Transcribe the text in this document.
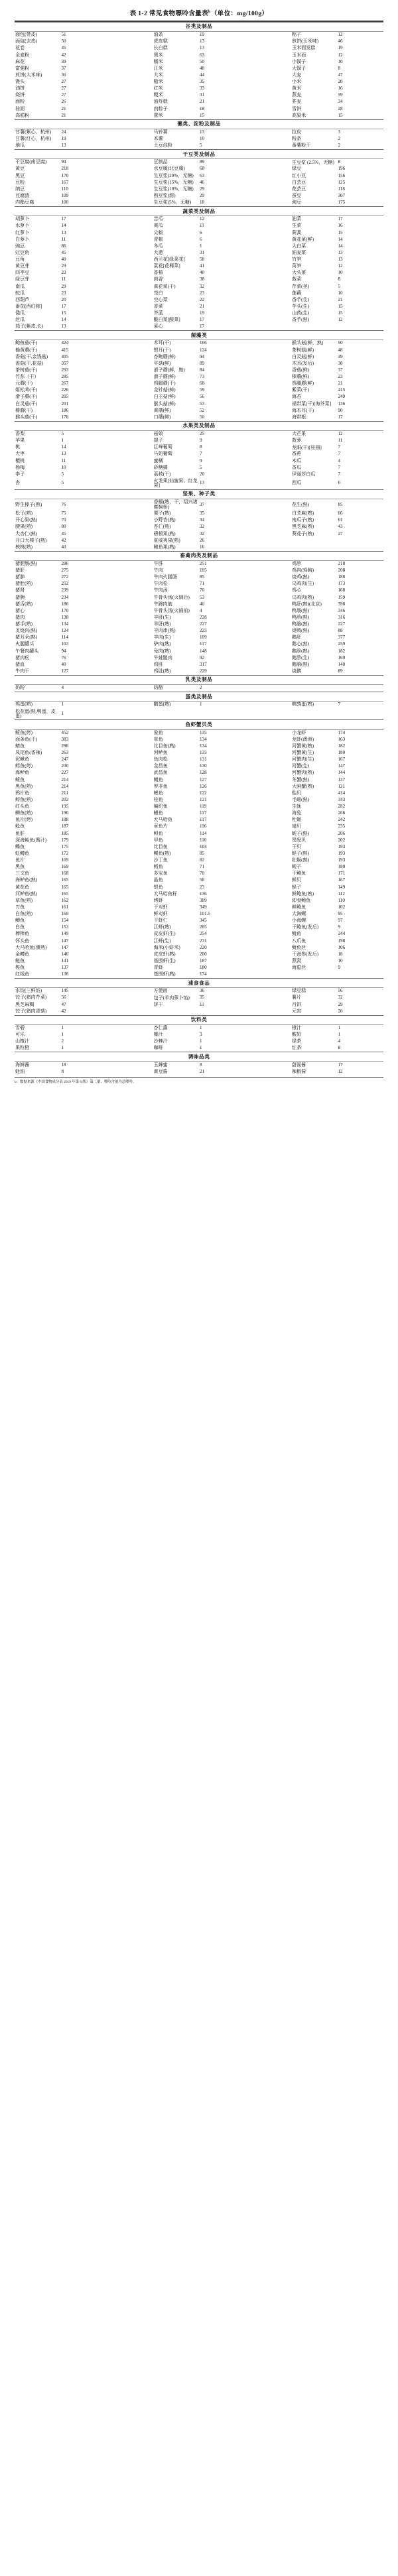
表 1-2 常见食物嘌呤含量表$^b$（单位：mg/100g）

谷类及制品							
面包(带皮)	51		油条	19		粽子	12
面包(去皮)	50		虎皮糕	13		煎饼(玉米味)	46
花卷	45		长白糕	13		玉米面发糕	19
全麦粉	42		黑米	63		玉米面	12
麻花	39		糯米	50		小馍子	10
富强粉	37		江米	48		大馍子	8
煎饼(大米味)	36		大米	44		大麦	47
馒头	27		糙米	35		小米	20
油饼	27		红米	33		黄米	16
烧饼	27		粳米	31		燕麦	59
面粉	26		油炸糕	21		荞麦	34
挂面	21		肉粽子	18		雪饼	28
高筋粉	21		薏米	15		高粱米	15
薯类、淀粉及制品							
甘薯(紫心，杭州)	24		马铃薯	13		拉皮	3
甘薯(红心，杭州)	19		木薯	10		粉条	2
地瓜	13		土豆淀粉	5		番薯粉干	2
干豆类及制品							
干豆腐(南豆腐)	94		豆制品	89		生豆浆 (2.5%，无糖)	8
黄豆	218		水豆腐(北豆腐)	68		绿豆	196
黑豆	170		生豆浆(20%，无糖)	63		红小豆	156
豆粉	167		生豆浆(15%，无糖)	46		白芸豆	125
纳豆	110		生豆浆(10%，无糖)	29		花芸豆	118
豆腐渣	109		熟豆浆(甜)	29		蚕豆	307
内酯豆腐	100		生豆浆(5%，无糖)	18		豌豆	175
蔬菜类及制品							
胡萝卜	17		苦瓜	12		油菜	17
水萝卜	14		黄瓜	11		生菜	16
红萝卜	13		尖椒	6		茼蒿	15
白萝卜	11		青椒	6		黄花菜(鲜)	14
豌豆	86		冬瓜	1		大白菜	14
豇豆角	45		大葱	31		油麦菜	13
豆角	40		西兰花[绿菜花]	58		竹笋	13
黄豆芽	29		菜花[花椰菜]	41		莴笋	12
四季豆	23		香椿	40		大头菜	10
绿豆芽	11		茴香	38		菠菜	8
南瓜	29		黄花菜(干)	32		芹菜(茎)	5
蛇瓜	23		茭白	23		莲藕	10
西葫芦	20		空心菜	22		香芋(生)	21
番茄[西红柿]	17		香菜	21		芋头(生)	15
倭瓜	15		芥蓝	19		山药(生)	15
丝瓜	14		酸白菜[酸菜]	17		香芋(熟)	12
茄子(紫皮,长)	13		菜心	17			
菌藻类							
鲍鱼菇(干)	424		木耳(干)	166		猴头菇(鲜，熟)	50
榆黄蘑(干)	415		银耳(干)	124		茶树菇(鲜)	48
香菇(干,金钱菇)	405		杏鲍蘑(鲜)	94		白灵菇(鲜)	39
香菇(干,花菇)	357		平菇(鲜)	89		木耳(发后)	38
茶树菇(干)	293		滑子蘑(鲜，熟)	84		香菇(鲜)	37
竹荪（干）	285		滑子蘑(鲜)	73		榛蘑(鲜)	23
元蘑(干)	267		鸡腿蘑(干)	68		鸡腿蘑(鲜)	21
姬松茸(干)	226		金针菇(鲜)	59		紫菜(干)	415
滑子蘑(干)	205		白玉菇(鲜)	56		海苔	249
白灵菇(干)	201		猴头菇(鲜)	53		裙带菜(干)[海芥菜]	136
榛蘑(干)	186		黄蘑(鲜)	52		海木耳(干)	90
猴头菇(干)	178		口蘑(鲜)	50		海带根	17
水果类及制品							
香梨	5		菇娘	25		大芒果	12
苹果	1		提子	9		菠萝	11
桃	14		巨峰葡萄	8		龙眼(干)[桂圆]	7
大枣	13		马奶葡萄	7		香蕉	7
樱桃	11		蜜橘	9		木瓜	4
杨梅	10		砂糖橘	5		香瓜	7
李子	5		荔枝(干)	20		伊丽莎白瓜	7
杏	5		火龙果[仙蜜果、红龙果]	13		西瓜	6
坚果、种子类							
野生榛子(熟)	76		香榧(熟，干，绍兴诸暨枫桥)	37		花生(熟)	85
松子(熟)	75		栗子(熟)	35		白芝麻(熟)	66
开心果(熟)	70		小野杏(熟)	34		南瓜子(熟)	61
腰果(熟)	80		杏仁(熟)	32		黑芝麻(熟)	43
大杏仁(熟)	45		碧根果(熟)	32		葵花子(熟)	27
开口大榛子(熟)	42		夏威夷果(熟)	26			
核桃(熟)	40		鲍鱼果(熟)	16			
畜禽肉类及制品							
猪肥肠(熟)	296		牛肝	251		鸡胗	218
猪肝	275		牛肉	105		鸡肉(鸡胸)	208
猪肺	272		牛肉火腿肠	85		烧鸡(熟)	188
猪肚(熟)	252		牛肉松	71		乌鸡肉(生)	173
猪肾	239		牛肉汤	70		鸡心	168
猪胰	234		牛骨头汤(火锅后)	53		乌鸡肉(熟)	159
猪舌(熟)	186		牛蹄肉筋	40		鸭肝(熟)(北京)	398
猪心	170		牛骨头汤(火锅前)	4		鸭肠(熟)	346
猪肉	138		羊肝(生)	228		鸭胗(熟)	316
猪手(熟)	134		羊肝(熟)	227		鸭脑(熟)	227
叉烧肉(熟)	124		羊肉串(熟)	223		烧鸭(熟)	88
猪耳朵(熟)	114		羊肉(生)	109		鹅肝	377
火腿罐头	103		驴肉(熟)	117		鹅心(熟)	259
午餐肉罐头	94		兔肉(熟)	148		鹅胗(熟)	182
猪肉松	76		牛蛙腿肉	92		鹅胗(生)	169
猪血	40		鸡肝	317		鹅脑(熟)	140
牛肉干	127		鸡肚(熟)	229		烧鹅	89
乳类及制品							
奶粉	4		奶酪	2			
蛋类及制品							
鸡蛋(熟)	1		鹅蛋(熟)	1		鹌鹑蛋(熟)	7
松花蛋(熟,鸭蛋，皮蛋)	1						
鱼虾蟹贝类							
鲅鱼(烤)	452		象鱼	135		小龙虾	174
面条鱼(干)	383		草鱼	134		龙虾(澳洲)	163
鲭鱼	298		比目鱼(熟)	134		河蟹黄(熟)	182
凤尾鱼(香辣)	263		河鲈鱼	133		河蟹黄(生)	180
泥鳅鱼	247		鱼肉松	131		河蟹肉(生)	167
鳕鱼(烤)	230		金昌鱼	130		河蟹(生)	147
海鲈鱼	227		武昌鱼	128		河蟹肉(熟)	144
鲅鱼	214		鳝鱼	127		冬蟹(熟)	137
黑鱼(熟)	214		罗非鱼	126		大闸蟹(熟)	121
鸦片鱼	211		鲤鱼	122		贻贝	414
鲟鱼(熟)	202		桂鱼	121		毛蚶(熟)	343
红头鱼	195		编织鱼	119		生蚝	282
鲫鱼(熟)	190		鳗鱼	117		海兔	266
鱼片(烤)	188		大马哈鱼	117		牡蛎	242
鲶鱼	187		章鱼片	116		扇贝	235
鱼肝	185		鲟鱼	114		蚬子(熟)	206
深海鲐鱼(酱汁)	179		甲鱼	110		鸳鸯贝	202
鲽鱼	175		比目鱼	104		干贝	193
虹鳟鱼	172		鲽鱼(熟)	85		蛏子(熟)	193
鱼片	169		沙丁鱼	82		牡蛎(熟)	193
黑鱼	169		鳕鱼	71		蚬子	180
三文鱼	168		多宝鱼	70		干鲍鱼	171
海鲈鱼(熟)	165		晶鱼	58		鲜贝	167
黄花鱼	165		银鱼	23		蛏子	149
河鲈鱼(熟)	165		大马哈鱼籽	136		鲜鲍鱼(熟)	112
草鱼(熟)	162		烤虾	389		即食鲍鱼	110
刀鱼	161		干对虾	349		鲜鲍鱼	102
白鱼(熟)	160		鲜对虾	101.5		大海螺	95
鲫鱼	154		干虾仁	345		小海螺	97
白鱼	153		江虾(熟)	265		干鲍鱼(发后)	9
棒棒鱼	149		皮皮虾(生)	254		鱿鱼	244
怀头鱼	147		江虾(生)	231		八爪鱼	198
大马哈鱼(熏熟)	147		海米(小虾米)	220		鱿鱼丝	106
金鳟鱼	146		皮皮虾(熟)	200		干海参(发后)	18
鲢鱼	141		基围虾(生)	187		燕窝	10
梭鱼	137		青虾	180		海蜇丝	9
红线鱼	136		基围虾(熟)	174			
速食食品							
水饺(三鲜馅)	145		方便面	36		绿豆糕	56
饺子(猪肉芹菜)	56		包子(羊肉萝卜馅)	35		薯片	32
黑芝麻糊	47		饼干	11		月饼	29
饺子(猪肉香菇)	42					元宵	20
饮料类							
雪碧	1		杏仁露	1		橙汁	1
可乐	1		椰汁	3		酸奶	1
山楂汁	2		沙棘汁	1		绿茶	4
果粒橙	1		咖啡	1		红茶	8
调味品类							
海鲜酱	18		玉蜂蜜	8		甜面酱	17
蚝油	8		黄豆酱	21		辣椒酱	12
b：数据来源《中国食物成分表 2019 年第 6 版》第二册、嘌呤含量为总嘌呤。
